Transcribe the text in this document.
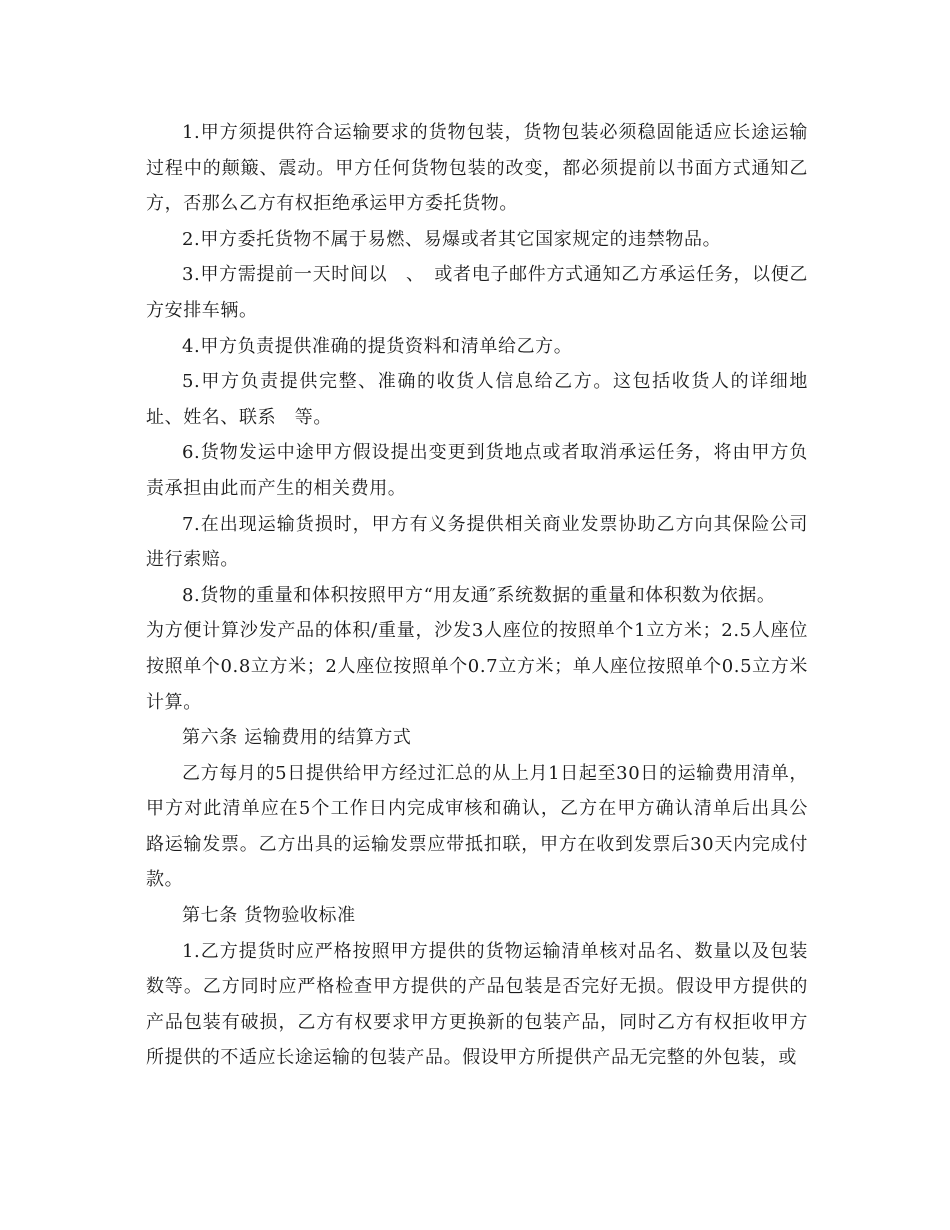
1.甲方须提供符合运输要求的货物包装，货物包装必须稳固能适应长途运输过程中的颠簸、震动。甲方任何货物包装的改变，都必须提前以书面方式通知乙方，否那么乙方有权拒绝承运甲方委托货物。

2.甲方委托货物不属于易燃、易爆或者其它国家规定的违禁物品。

3.甲方需提前一天时间以　、　或者电子邮件方式通知乙方承运任务，以便乙方安排车辆。

4.甲方负责提供准确的提货资料和清单给乙方。

5.甲方负责提供完整、准确的收货人信息给乙方。这包括收货人的详细地址、姓名、联系　等。

6.货物发运中途甲方假设提出变更到货地点或者取消承运任务，将由甲方负责承担由此而产生的相关费用。

7.在出现运输货损时，甲方有义务提供相关商业发票协助乙方向其保险公司进行索赔。

8.货物的重量和体积按照甲方“用友通″系统数据的重量和体积数为依据。

为方便计算沙发产品的体积/重量，沙发3人座位的按照单个1立方米；2.5人座位按照单个0.8立方米；2人座位按照单个0.7立方米；单人座位按照单个0.5立方米计算。

第六条 运输费用的结算方式

乙方每月的5日提供给甲方经过汇总的从上月1日起至30日的运输费用清单，甲方对此清单应在5个工作日内完成审核和确认，乙方在甲方确认清单后出具公路运输发票。乙方出具的运输发票应带抵扣联，甲方在收到发票后30天内完成付款。

第七条 货物验收标准

1.乙方提货时应严格按照甲方提供的货物运输清单核对品名、数量以及包装数等。乙方同时应严格检查甲方提供的产品包装是否完好无损。假设甲方提供的产品包装有破损，乙方有权要求甲方更换新的包装产品，同时乙方有权拒收甲方所提供的不适应长途运输的包装产品。假设甲方所提供产品无完整的外包装，或
